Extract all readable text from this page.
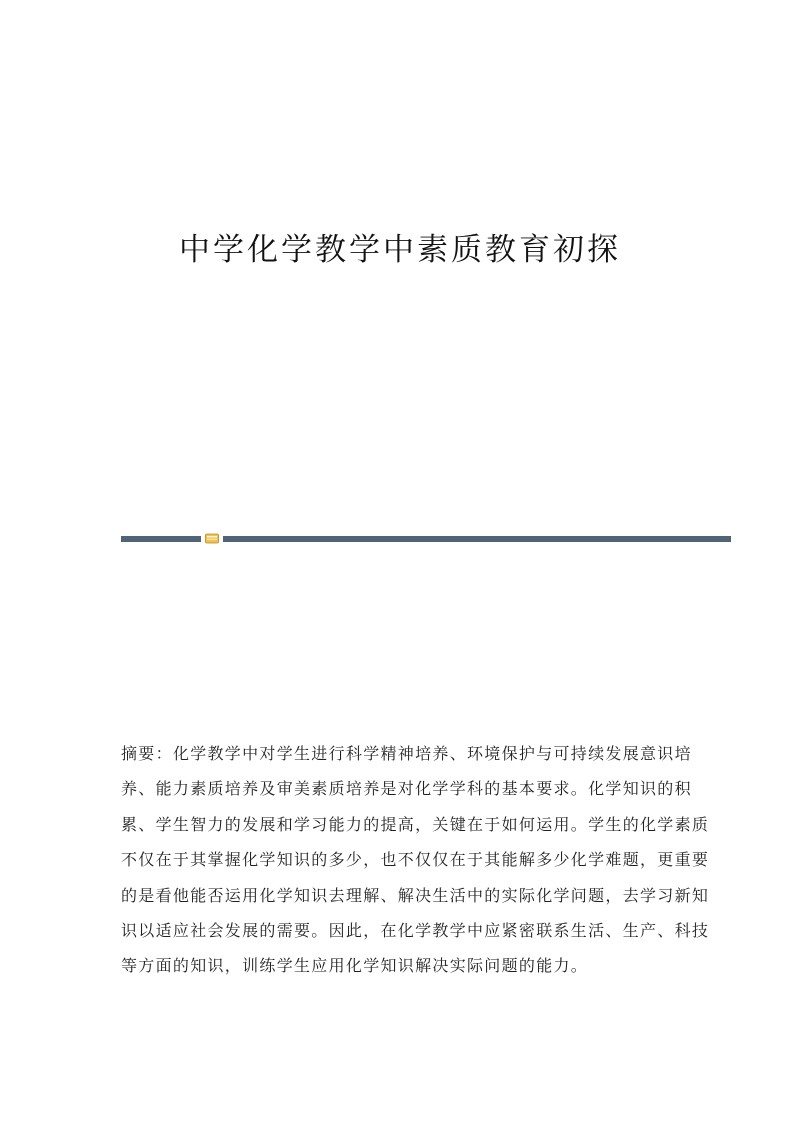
中学化学教学中素质教育初探
摘要：化学教学中对学生进行科学精神培养、环境保护与可持续发展意识培
养、能力素质培养及审美素质培养是对化学学科的基本要求。化学知识的积
累、学生智力的发展和学习能力的提高，关键在于如何运用。学生的化学素质
不仅在于其掌握化学知识的多少，也不仅仅在于其能解多少化学难题，更重要
的是看他能否运用化学知识去理解、解决生活中的实际化学问题，去学习新知
识以适应社会发展的需要。因此，在化学教学中应紧密联系生活、生产、科技
等方面的知识，训练学生应用化学知识解决实际问题的能力。
